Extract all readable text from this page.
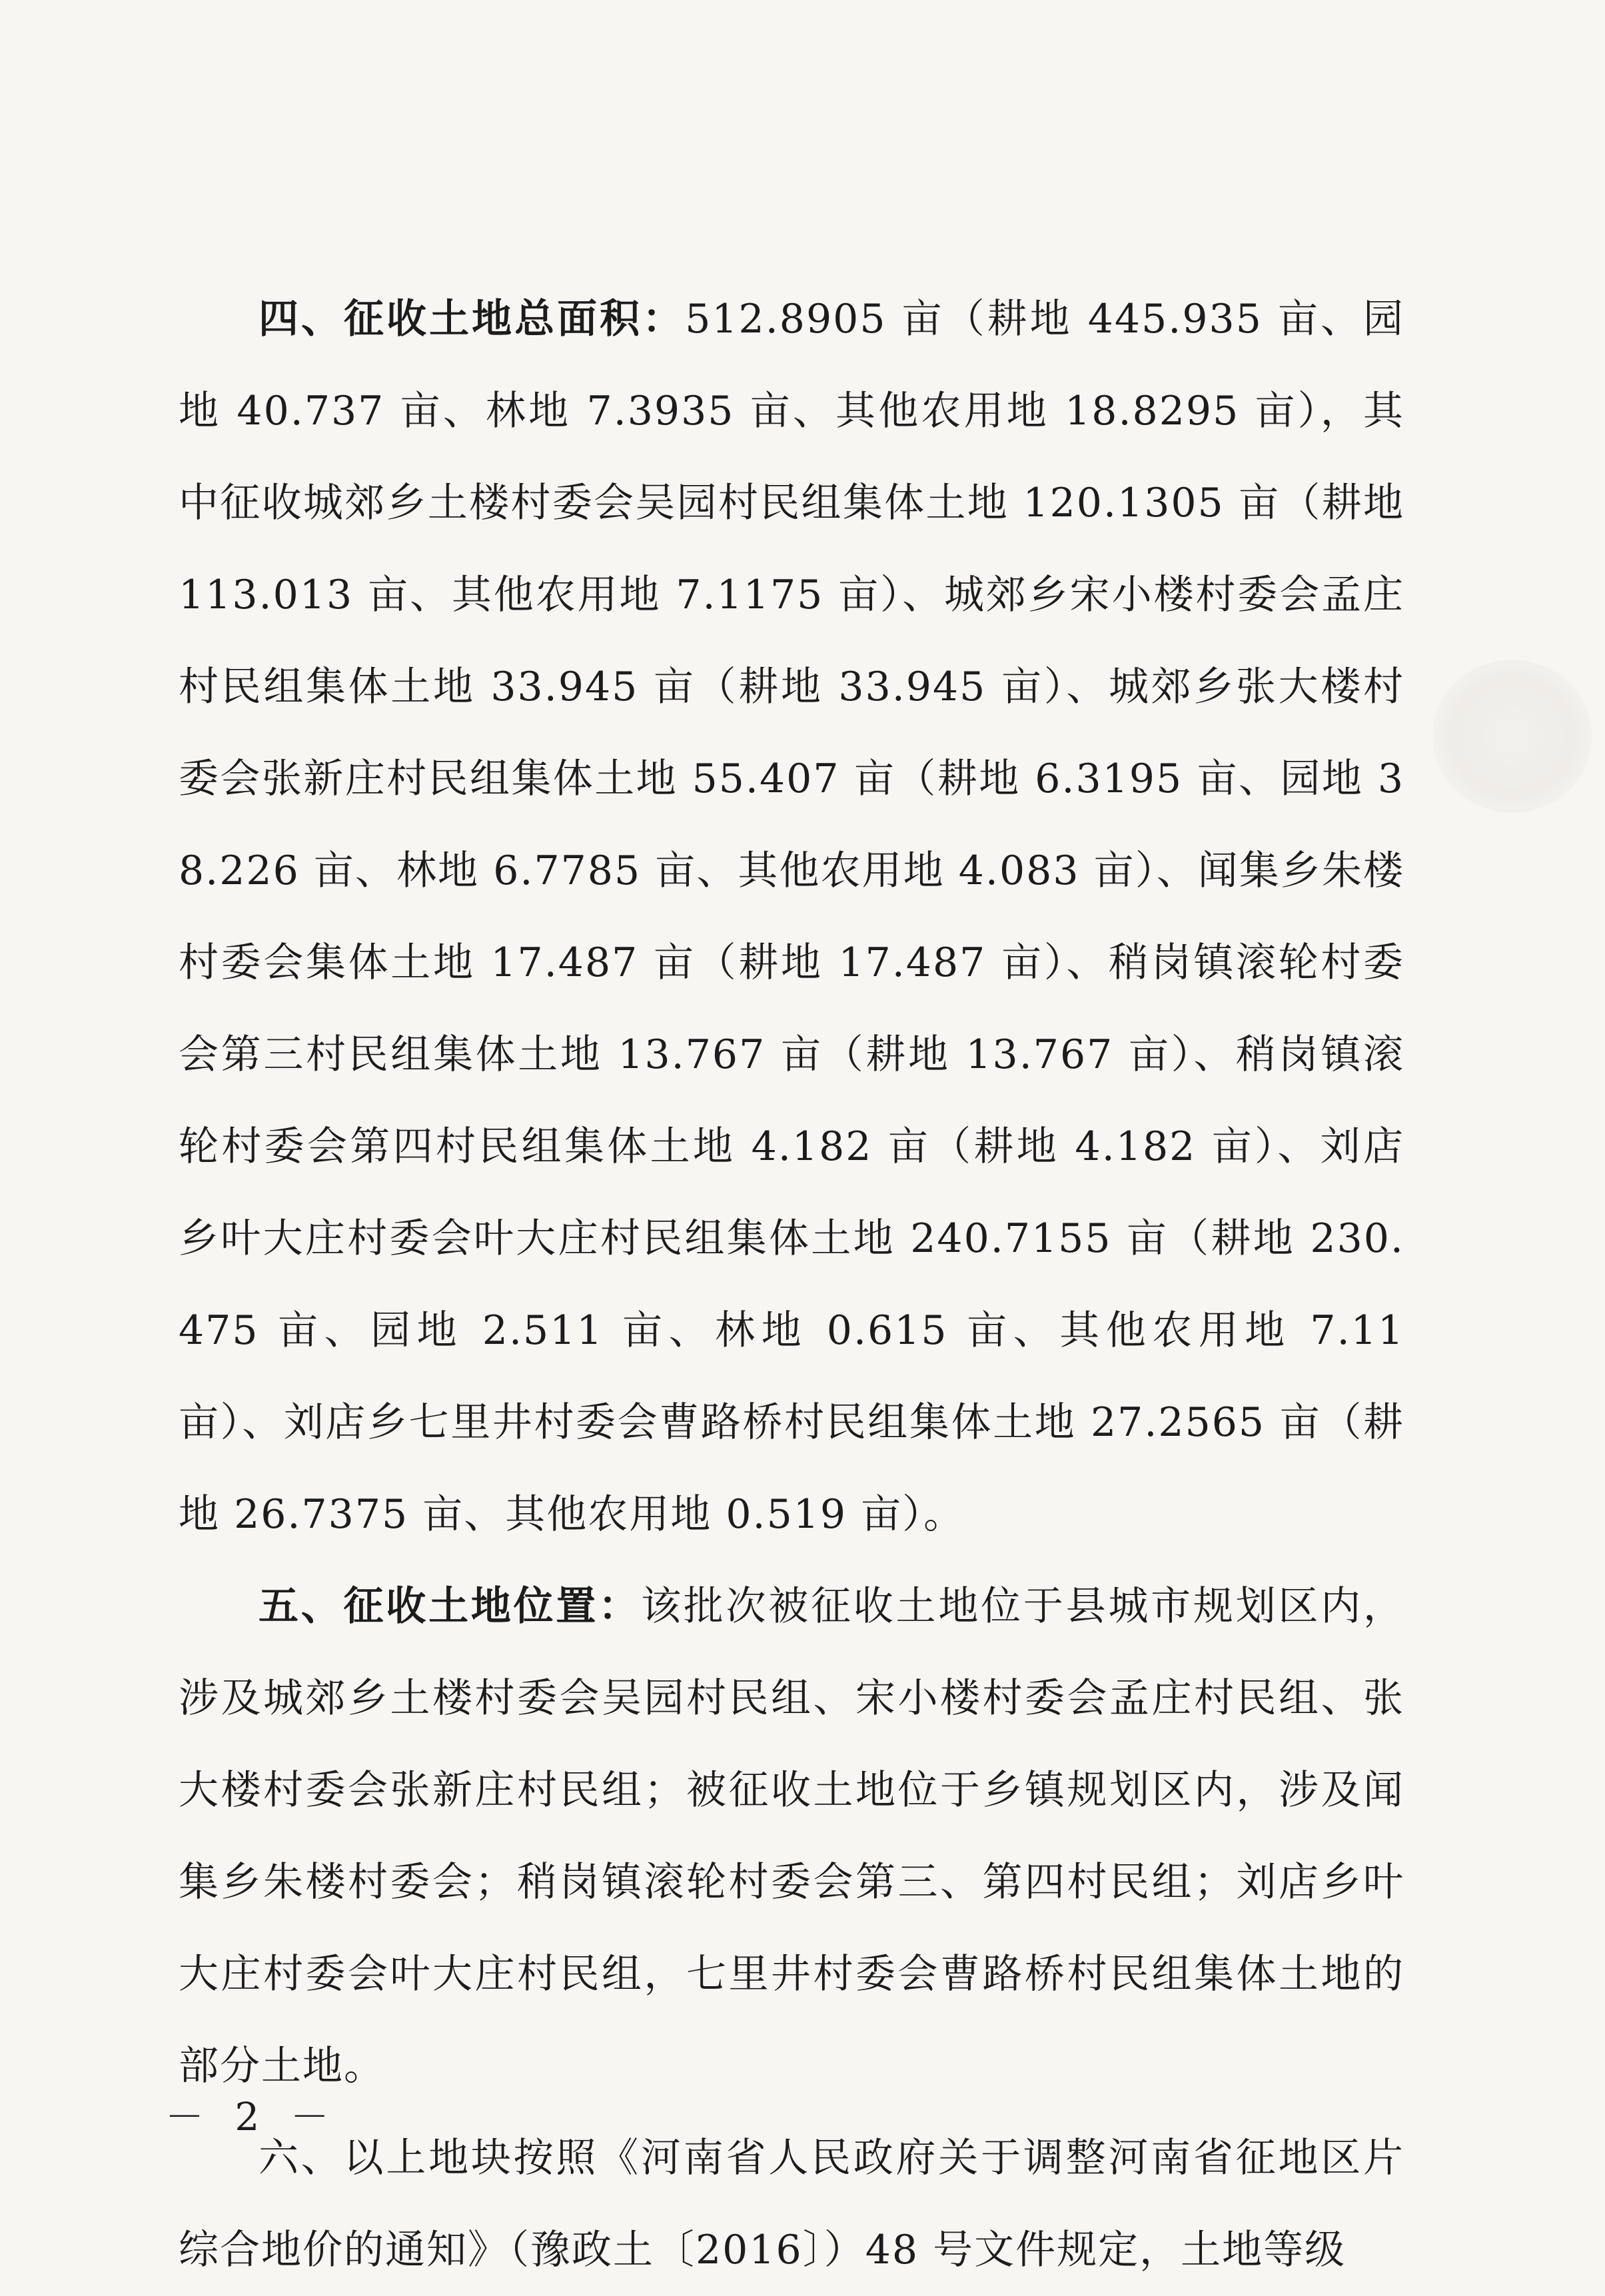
四、征收土地总面积：512.8905 亩（耕地 445.935 亩、园地 40.737 亩、林地 7.3935 亩、其他农用地 18.8295 亩），其中征收城郊乡土楼村委会吴园村民组集体土地 120.1305 亩（耕地 113.013 亩、其他农用地 7.1175 亩）、城郊乡宋小楼村委会孟庄村民组集体土地 33.945 亩（耕地 33.945 亩）、城郊乡张大楼村委会张新庄村民组集体土地 55.407 亩（耕地 6.3195 亩、园地 38.226 亩、林地 6.7785 亩、其他农用地 4.083 亩）、闻集乡朱楼村委会集体土地 17.487 亩（耕地 17.487 亩）、稍岗镇滚轮村委会第三村民组集体土地 13.767 亩（耕地 13.767 亩）、稍岗镇滚轮村委会第四村民组集体土地 4.182 亩（耕地 4.182 亩）、刘店乡叶大庄村委会叶大庄村民组集体土地 240.7155 亩（耕地 230.475 亩、园地 2.511 亩、林地 0.615 亩、其他农用地 7.11 亩）、刘店乡七里井村委会曹路桥村民组集体土地 27.2565 亩（耕地 26.7375 亩、其他农用地 0.519 亩）。

五、征收土地位置：该批次被征收土地位于县城市规划区内，涉及城郊乡土楼村委会吴园村民组、宋小楼村委会孟庄村民组、张大楼村委会张新庄村民组；被征收土地位于乡镇规划区内，涉及闻集乡朱楼村委会；稍岗镇滚轮村委会第三、第四村民组；刘店乡叶大庄村委会叶大庄村民组，七里井村委会曹路桥村民组集体土地的部分土地。

六、以上地块按照《河南省人民政府关于调整河南省征地区片综合地价的通知》（豫政土〔2016〕）48 号文件规定，土地等级

－ 2 －
